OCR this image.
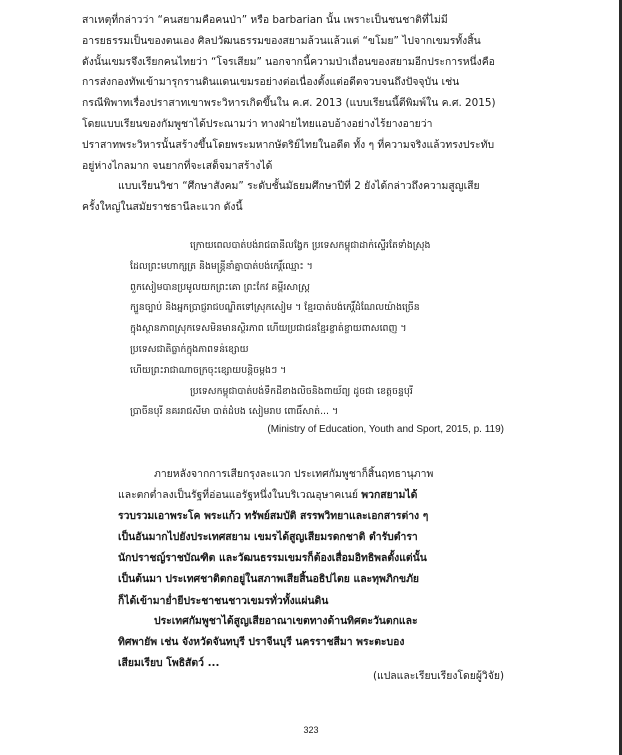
สาเหตุที่กล่าวว่า “คนสยามคือคนป่า” หรือ barbarian นั้น เพราะเป็นชนชาติที่ไม่มี
อารยธรรมเป็นของตนเอง ศิลปวัฒนธรรมของสยามล้วนแล้วแต่ “ขโมย” ไปจากเขมรทั้งสิ้น
ดังนั้นเขมรจึงเรียกคนไทยว่า “โจรเสียม” นอกจากนี้ความป่าเถื่อนของสยามอีกประการหนึ่งคือ
การส่งกองทัพเข้ามารุกรานดินแดนเขมรอย่างต่อเนื่องตั้งแต่อดีตจวบจนถึงปัจจุบัน เช่น
กรณีพิพาทเรื่องปราสาทเขาพระวิหารเกิดขึ้นใน ค.ศ. 2013 (แบบเรียนนี้ตีพิมพ์ใน ค.ศ. 2015)
โดยแบบเรียนของกัมพูชาได้ประณามว่า ทางฝ่ายไทยแอบอ้างอย่างไร้ยางอายว่า
ปราสาทพระวิหารนั้นสร้างขึ้นโดยพระมหากษัตริย์ไทยในอดีต ทั้ง ๆ ที่ความจริงแล้วทรงประทับ
อยู่ห่างไกลมาก จนยากที่จะเสด็จมาสร้างได้
แบบเรียนวิชา “ศึกษาสังคม” ระดับชั้นมัธยมศึกษาปีที่ 2 ยังได้กล่าวถึงความสูญเสีย
ครั้งใหญ่ในสมัยราชธานีละแวก ดังนี้
ក្រោយពេលបាត់បង់រាជធានីលង្វែក ប្រទេសកម្ពុជាដាក់ស្ទើរតែទាំងស្រុង
ដែលព្រះមហាក្សត្រ និងមន្ត្រីនាំគ្នាបាត់បង់កេរ្តិ៍ឈ្មោះ ។
ពួកសៀមបានប្រមូលយកព្រះគោ ព្រះកែវ គម្ពីរសាស្ត្រ
ក្បួនច្បាប់ និងអ្នកប្រាជ្ញរាជបណ្ឌិតទៅស្រុកសៀម ។ ខ្មែរបាត់បង់កេរ្តិ៍ដំណែលយ៉ាងច្រើន
ក្នុងស្ថានភាពស្រុកទេសមិនមានស្ថិរភាព ហើយប្រជាជនខ្មែរខ្ចាត់ខ្ចាយពាសពេញ ។
ប្រទេសជាតិធ្លាក់ក្នុងភាពទន់ខ្សោយ
ហើយព្រះរាជាណាចក្រចុះខ្សោយបន្តិចម្តងៗ ។
ប្រទេសកម្ពុជាបាត់បង់ទឹកដីខាងលិចនិងពាយ័ព្យ ដូចជា ខេត្តចន្ទបុរី
ប្រាចីនបុរី នគររាជសីមា បាត់ដំបង សៀមរាប ពោធិ៍សាត់... ។
(Ministry of Education, Youth and Sport, 2015, p. 119)
ภายหลังจากการเสียกรุงละแวก ประเทศกัมพูชาก็สิ้นฤทธานุภาพ
และตกต่ำลงเป็นรัฐที่อ่อนแอรัฐหนึ่งในบริเวณอุษาคเนย์ พวกสยามได้
รวบรวมเอาพระโค พระแก้ว ทรัพย์สมบัติ สรรพวิทยาและเอกสารต่าง ๆ
เป็นอันมากไปยังประเทศสยาม เขมรได้สูญเสียมรดกชาติ ตำรับตำรา
นักปราชญ์ราชบัณฑิต และวัฒนธรรมเขมรก็ต้องเสื่อมอิทธิพลตั้งแต่นั้น
เป็นต้นมา ประเทศชาติตกอยู่ในสภาพเสียสิ้นอธิปไตย และทุพภิกขภัย
ก็ได้เข้ามาย่ำยีประชาชนชาวเขมรทั่วทั้งแผ่นดิน
ประเทศกัมพูชาได้สูญเสียอาณาเขตทางด้านทิศตะวันตกและ
ทิศพายัพ เช่น จังหวัดจันทบุรี ปราจีนบุรี นครราชสีมา พระตะบอง
เสียมเรียบ โพธิสัตว์ ...
(แปลและเรียบเรียงโดยผู้วิจัย)
323
